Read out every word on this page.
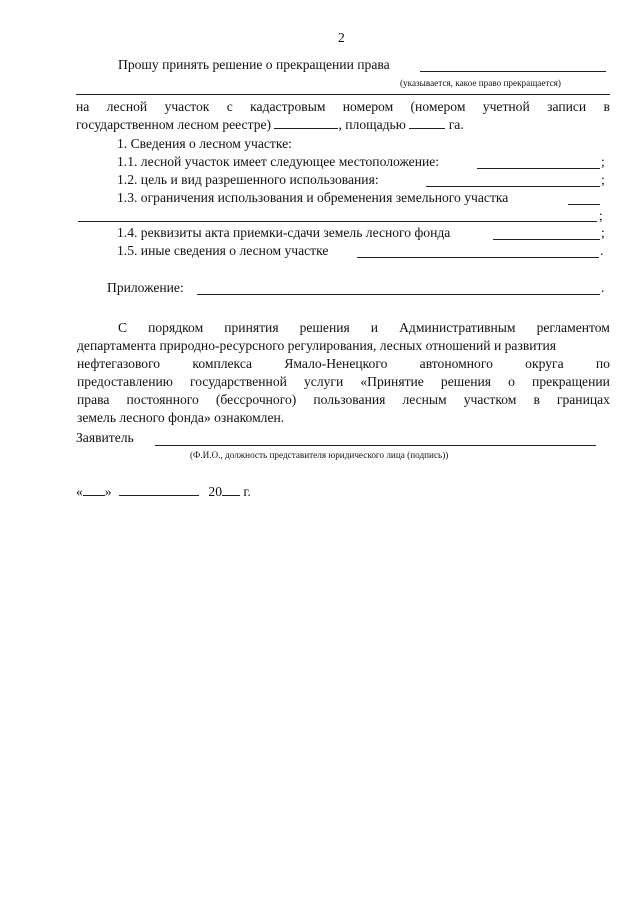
2
Прошу принять решение о прекращении права
(указывается, какое право прекращается)
на лесной участок с кадастровым номером (номером учетной записи в
государственном лесном реестре)	, площадью	га.
1. Сведения о лесном участке:
1.1. лесной участок имеет следующее местоположение:	;
1.2. цель и вид разрешенного использования:	;
1.3. ограничения использования и обременения земельного участка
;
1.4. реквизиты акта приемки-сдачи земель лесного фонда	;
1.5. иные сведения о лесном участке	.
Приложение:	.
С порядком принятия решения и Административным регламентом
департамента природно-ресурсного регулирования, лесных отношений и развития
нефтегазового комплекса Ямало-Ненецкого автономного округа по
предоставлению государственной услуги «Принятие решения о прекращении
права постоянного (бессрочного) пользования лесным участком в границах
земель лесного фонда» ознакомлен.
Заявитель
(Ф.И.О., должность представителя юридического лица (подпись))
« »	20 г.
